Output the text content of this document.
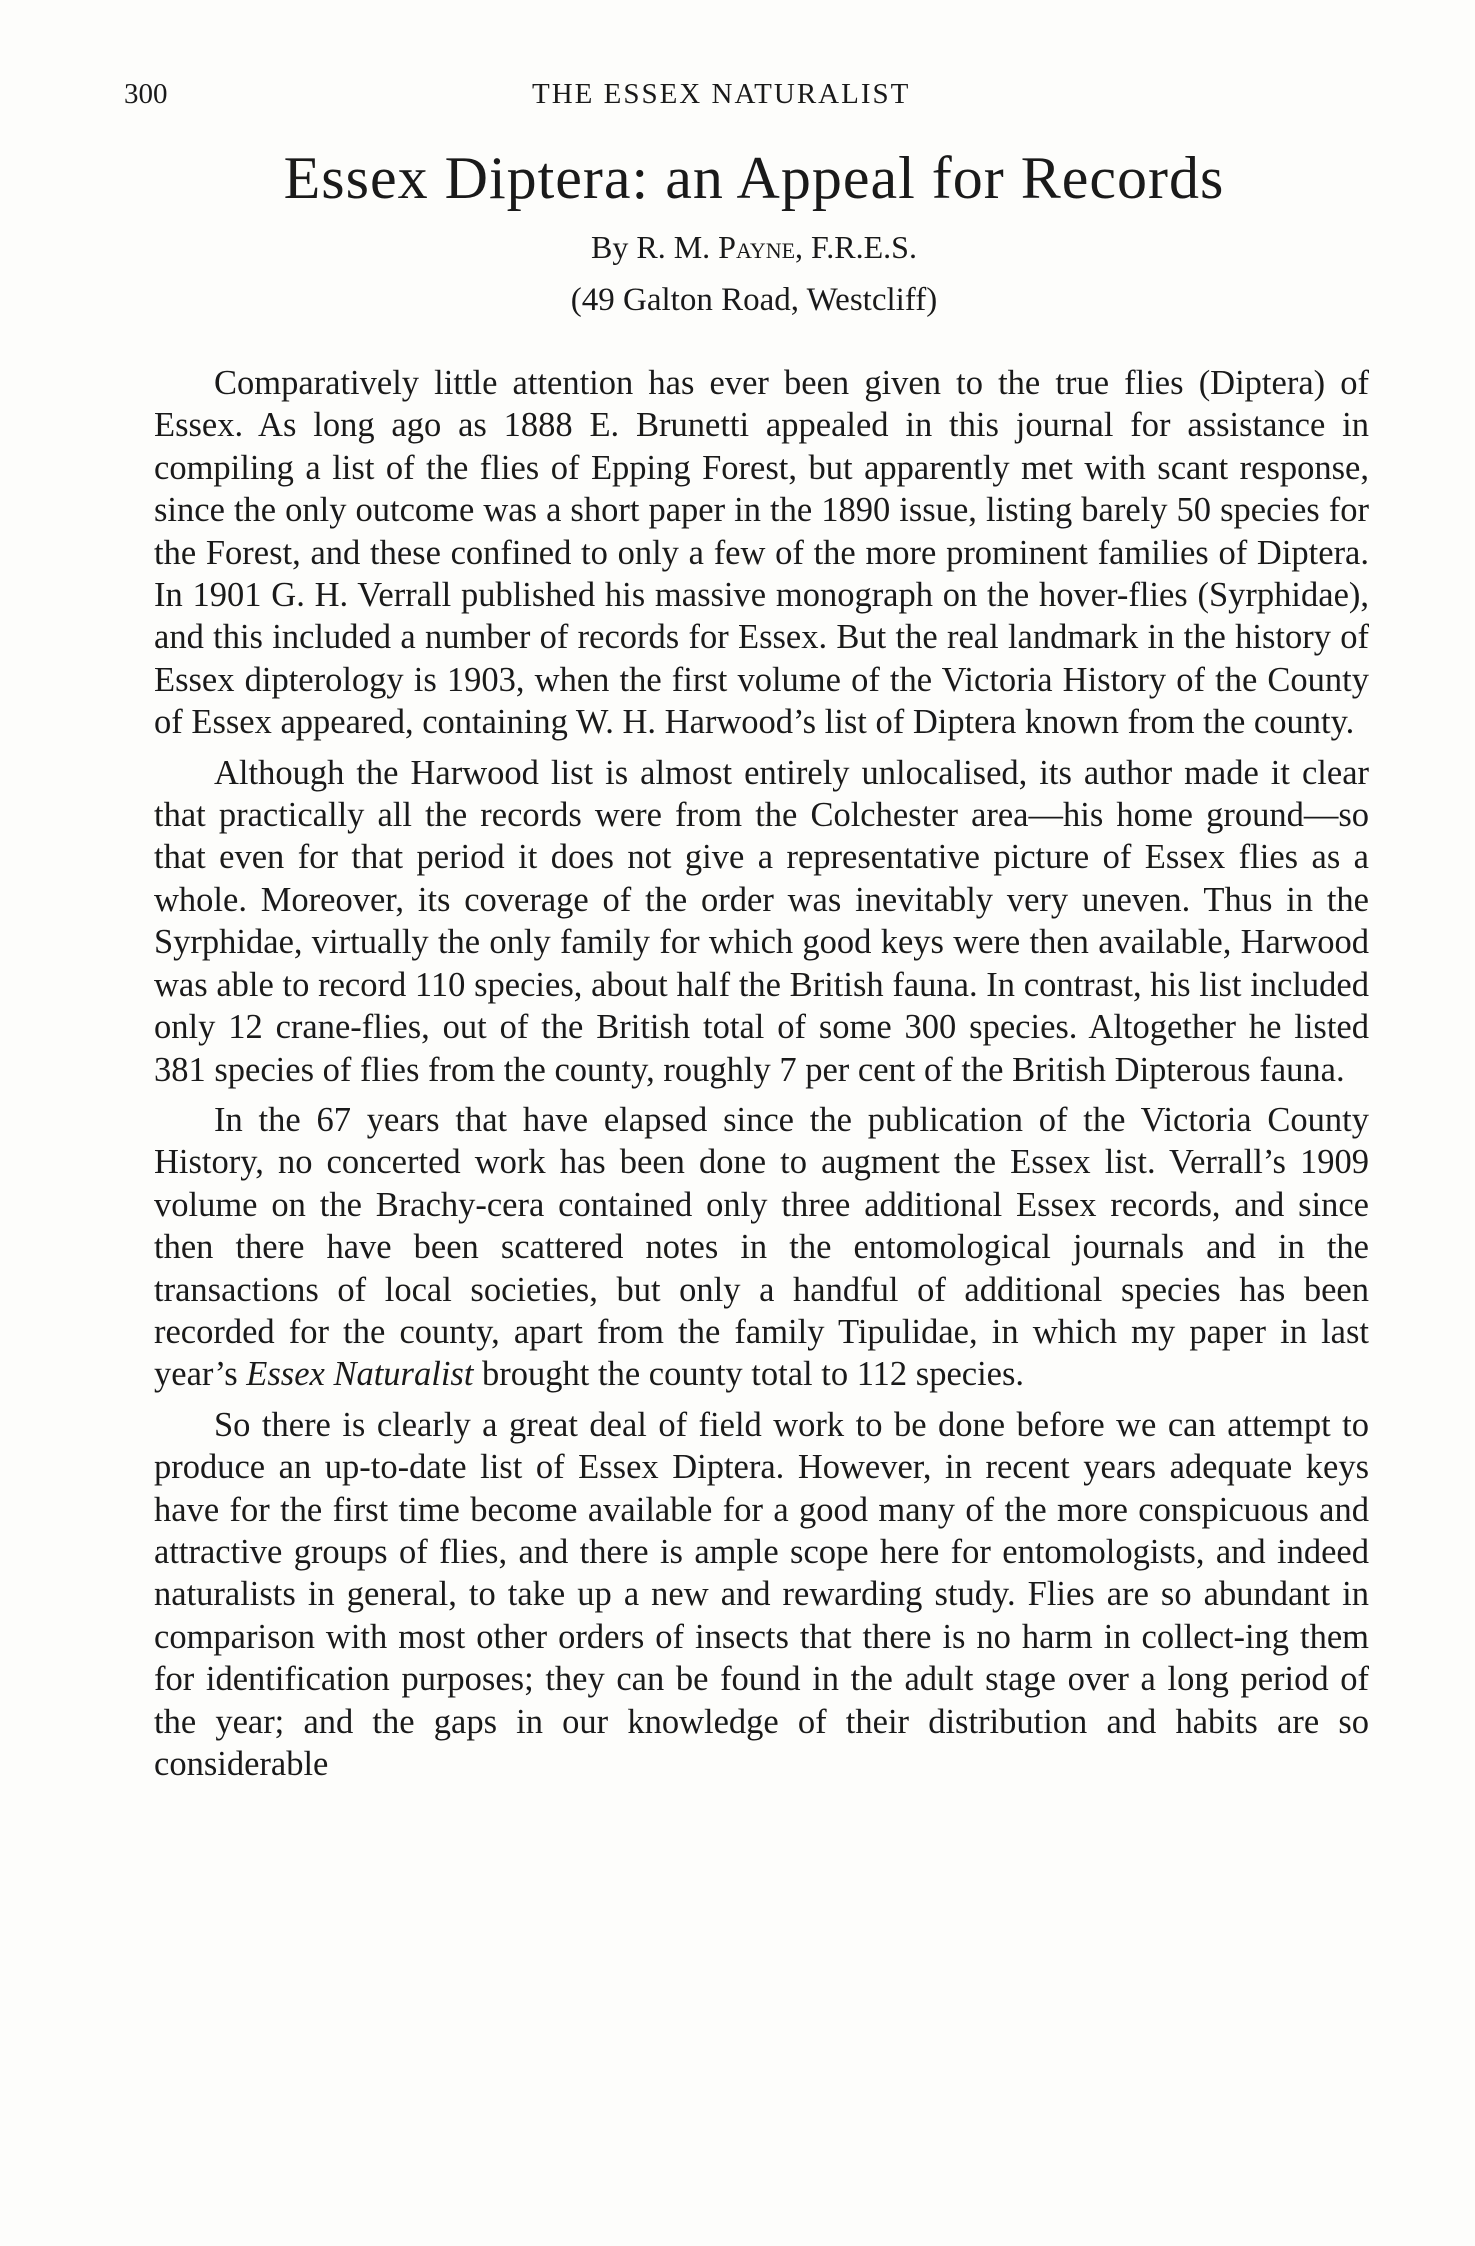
300	THE ESSEX NATURALIST
Essex Diptera: an Appeal for Records
By R. M. Payne, F.R.E.S.
(49 Galton Road, Westcliff)

Comparatively little attention has ever been given to the true flies (Diptera) of Essex. As long ago as 1888 E. Brunetti appealed in this journal for assistance in compiling a list of the flies of Epping Forest, but apparently met with scant response, since the only outcome was a short paper in the 1890 issue, listing barely 50 species for the Forest, and these confined to only a few of the more prominent families of Diptera. In 1901 G. H. Verrall published his massive monograph on the hover-flies (Syrphidae), and this included a number of records for Essex. But the real landmark in the history of Essex dipterology is 1903, when the first volume of the Victoria History of the County of Essex appeared, containing W. H. Harwood’s list of Diptera known from the county.

Although the Harwood list is almost entirely unlocalised, its author made it clear that practically all the records were from the Colchester area—his home ground—so that even for that period it does not give a representative picture of Essex flies as a whole. Moreover, its coverage of the order was inevitably very uneven. Thus in the Syrphidae, virtually the only family for which good keys were then available, Harwood was able to record 110 species, about half the British fauna. In contrast, his list included only 12 crane-flies, out of the British total of some 300 species. Altogether he listed 381 species of flies from the county, roughly 7 per cent of the British Dipterous fauna.

In the 67 years that have elapsed since the publication of the Victoria County History, no concerted work has been done to augment the Essex list. Verrall’s 1909 volume on the Brachy-cera contained only three additional Essex records, and since then there have been scattered notes in the entomological journals and in the transactions of local societies, but only a handful of additional species has been recorded for the county, apart from the family Tipulidae, in which my paper in last year’s Essex Naturalist brought the county total to 112 species.

So there is clearly a great deal of field work to be done before we can attempt to produce an up-to-date list of Essex Diptera. However, in recent years adequate keys have for the first time become available for a good many of the more conspicuous and attractive groups of flies, and there is ample scope here for entomologists, and indeed naturalists in general, to take up a new and rewarding study. Flies are so abundant in comparison with most other orders of insects that there is no harm in collect-ing them for identification purposes; they can be found in the adult stage over a long period of the year; and the gaps in our knowledge of their distribution and habits are so considerable
